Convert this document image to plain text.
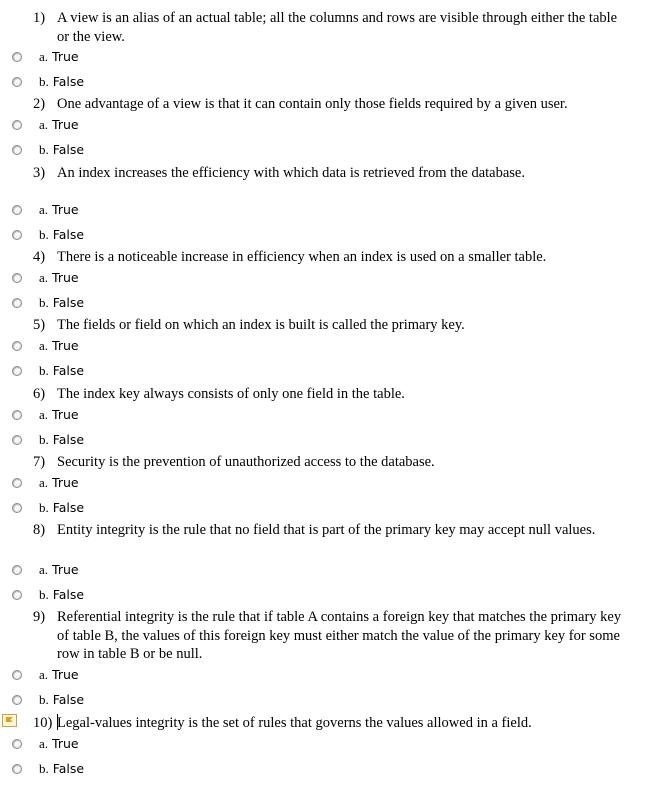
1) A view is an alias of an actual table; all the columns and rows are visible through either the table or the view.
a. True
b. False
2) One advantage of a view is that it can contain only those fields required by a given user.
a. True
b. False
3) An index increases the efficiency with which data is retrieved from the database.
a. True
b. False
4) There is a noticeable increase in efficiency when an index is used on a smaller table.
a. True
b. False
5) The fields or field on which an index is built is called the primary key.
a. True
b. False
6) The index key always consists of only one field in the table.
a. True
b. False
7) Security is the prevention of unauthorized access to the database.
a. True
b. False
8) Entity integrity is the rule that no field that is part of the primary key may accept null values.
a. True
b. False
9) Referential integrity is the rule that if table A contains a foreign key that matches the primary key of table B, the values of this foreign key must either match the value of the primary key for some row in table B or be null.
a. True
b. False
10) Legal-values integrity is the set of rules that governs the values allowed in a field.
a. True
b. False
